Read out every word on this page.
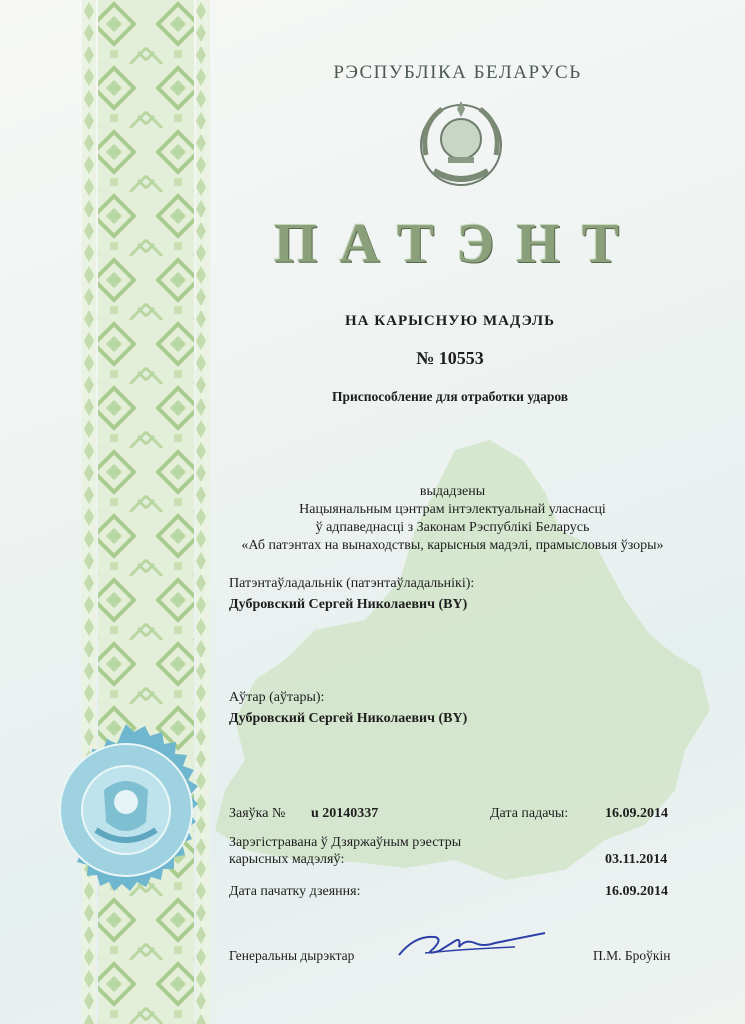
РЭСПУБЛIКА БЕЛАРУСЬ
ПАТЭНТ
НА КАРЫСНУЮ МАДЭЛЬ
№ 10553
Приспособление для отработки ударов
выдадзены
Нацыянальным цэнтрам інтэлектуальнай уласнасці
ў адпаведнасці з Законам Рэспублікі Беларусь
«Аб патэнтах на вынаходствы, карысныя мадэлі, прамысловыя ўзоры»
Патэнтаўладальнік (патэнтаўладальнікі):
Дубровский Сергей Николаевич (BY)
Аўтар (аўтары):
Дубровский Сергей Николаевич (BY)
Заяўка № u 20140337	Дата падачы:	16.09.2014
Зарэгістравана ў Дзяржаўным рэестры
карысных мадэляў:	03.11.2014
Дата пачатку дзеяння:	16.09.2014
Генеральны дырэктар	П.М. Броўкін
